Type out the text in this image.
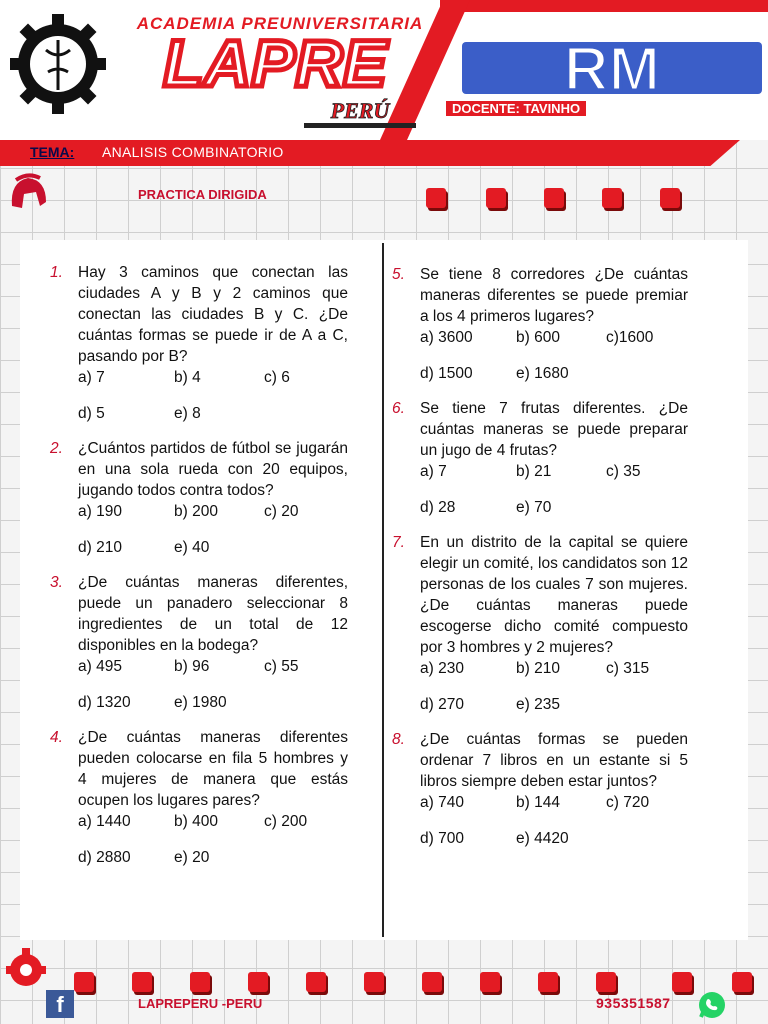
ACADEMIA PREUNIVERSITARIA
LAPRE
PERÚ
RM
DOCENTE: TAVINHO
TEMA: ANALISIS COMBINATORIO
PRACTICA DIRIGIDA
1. Hay 3 caminos que conectan las ciudades A y B y 2 caminos que conectan las ciudades B y C. ¿De cuántas formas se puede ir de A a C, pasando por B?
a) 7	b) 4	c) 6
d) 5	e) 8
2. ¿Cuántos partidos de fútbol se jugarán en una sola rueda con 20 equipos, jugando todos contra todos?
a) 190	b) 200	c) 20
d) 210	e) 40
3. ¿De cuántas maneras diferentes, puede un panadero seleccionar 8 ingredientes de un total de 12 disponibles en la bodega?
a) 495	b) 96	c) 55
d) 1320	e) 1980
4. ¿De cuántas maneras diferentes pueden colocarse en fila 5 hombres y 4 mujeres de manera que estás ocupen los lugares pares?
a) 1440	b) 400	c) 200
d) 2880	e) 20
5. Se tiene 8 corredores ¿De cuántas maneras diferentes se puede premiar a los 4 primeros lugares?
a) 3600	b) 600	c)1600
d) 1500	e) 1680
6. Se tiene 7 frutas diferentes. ¿De cuántas maneras se puede preparar un jugo de 4 frutas?
a) 7	b) 21	c) 35
d) 28	e) 70
7. En un distrito de la capital se quiere elegir un comité, los candidatos son 12 personas de los cuales 7 son mujeres. ¿De cuántas maneras puede escogerse dicho comité compuesto por 3 hombres y 2 mujeres?
a) 230	b) 210	c) 315
d) 270	e) 235
8. ¿De cuántas formas se pueden ordenar 7 libros en un estante si 5 libros siempre deben estar juntos?
a) 740	b) 144	c) 720
d) 700	e) 4420
f	LAPREPERU -PERU	935351587
